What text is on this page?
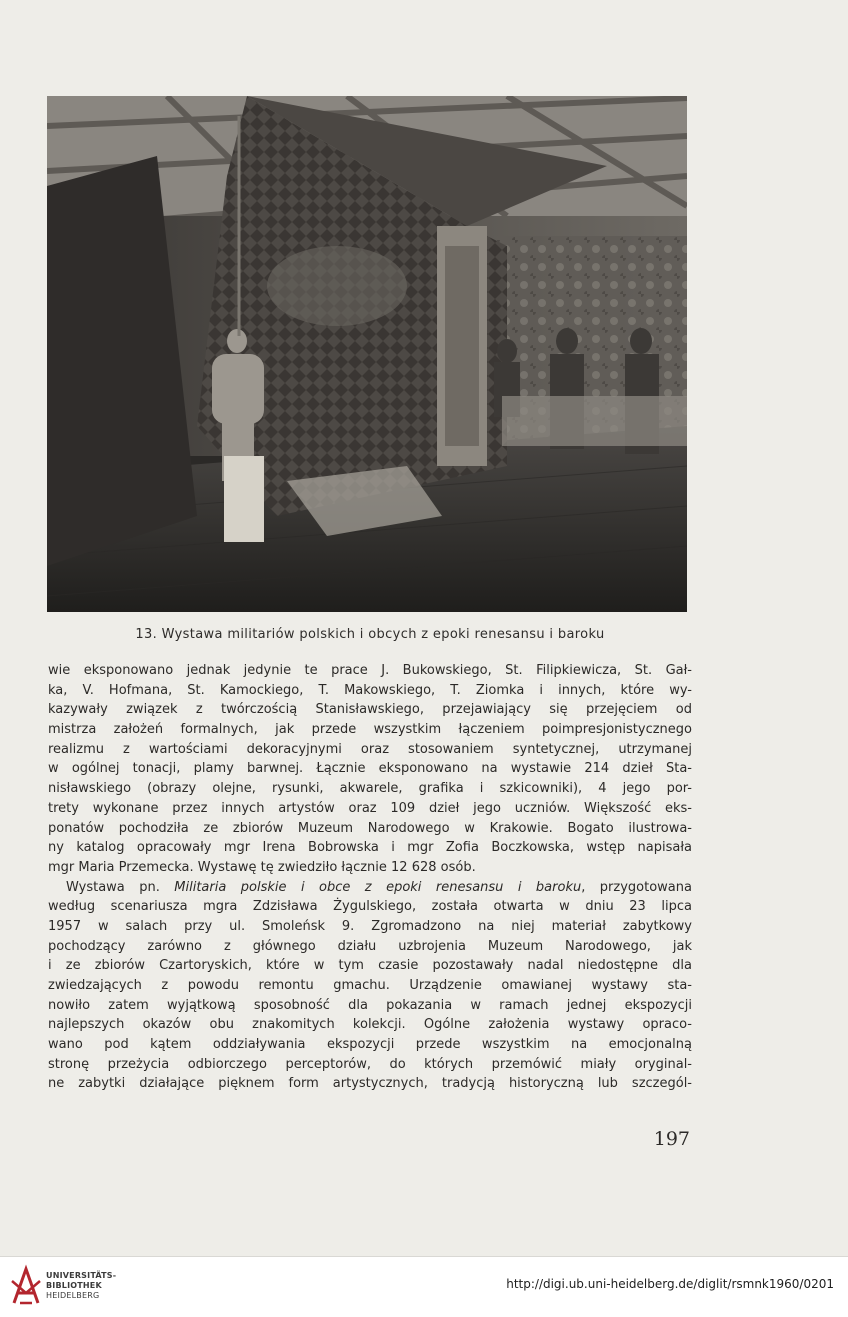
13. Wystawa militariów polskich i obcych z epoki renesansu i baroku
wie eksponowano jednak jedynie te prace J. Bukowskiego, St. Filipkiewicza, St. Gał-
ka, V. Hofmana, St. Kamockiego, T. Makowskiego, T. Ziomka i innych, które wy-
kazywały związek z twórczością Stanisławskiego, przejawiający się przejęciem od
mistrza założeń formalnych, jak przede wszystkim łączeniem poimpresjonistycznego
realizmu z wartościami dekoracyjnymi oraz stosowaniem syntetycznej, utrzymanej
w ogólnej tonacji, plamy barwnej. Łącznie eksponowano na wystawie 214 dzieł Sta-
nisławskiego (obrazy olejne, rysunki, akwarele, grafika i szkicowniki), 4 jego por-
trety wykonane przez innych artystów oraz 109 dzieł jego uczniów. Większość eks-
ponatów pochodziła ze zbiorów Muzeum Narodowego w Krakowie. Bogato ilustrowa-
ny katalog opracowały mgr Irena Bobrowska i mgr Zofia Boczkowska, wstęp napisała
mgr Maria Przemecka. Wystawę tę zwiedziło łącznie 12 628 osób.
Wystawa pn. Militaria polskie i obce z epoki renesansu i baroku, przygotowana
według scenariusza mgra Zdzisława Żygulskiego, została otwarta w dniu 23 lipca
1957 w salach przy ul. Smoleńsk 9. Zgromadzono na niej materiał zabytkowy
pochodzący zarówno z głównego działu uzbrojenia Muzeum Narodowego, jak
i ze zbiorów Czartoryskich, które w tym czasie pozostawały nadal niedostępne dla
zwiedzających z powodu remontu gmachu. Urządzenie omawianej wystawy sta-
nowiło zatem wyjątkową sposobność dla pokazania w ramach jednej ekspozycji
najlepszych okazów obu znakomitych kolekcji. Ogólne założenia wystawy opraco-
wano pod kątem oddziaływania ekspozycji przede wszystkim na emocjonalną
stronę przeżycia odbiorczego perceptorów, do których przemówić miały oryginal-
ne zabytki działające pięknem form artystycznych, tradycją historyczną lub szczegól-
197
UNIVERSITÄTS-
BIBLIOTHEK
HEIDELBERG
http://digi.ub.uni-heidelberg.de/diglit/rsmnk1960/0201
